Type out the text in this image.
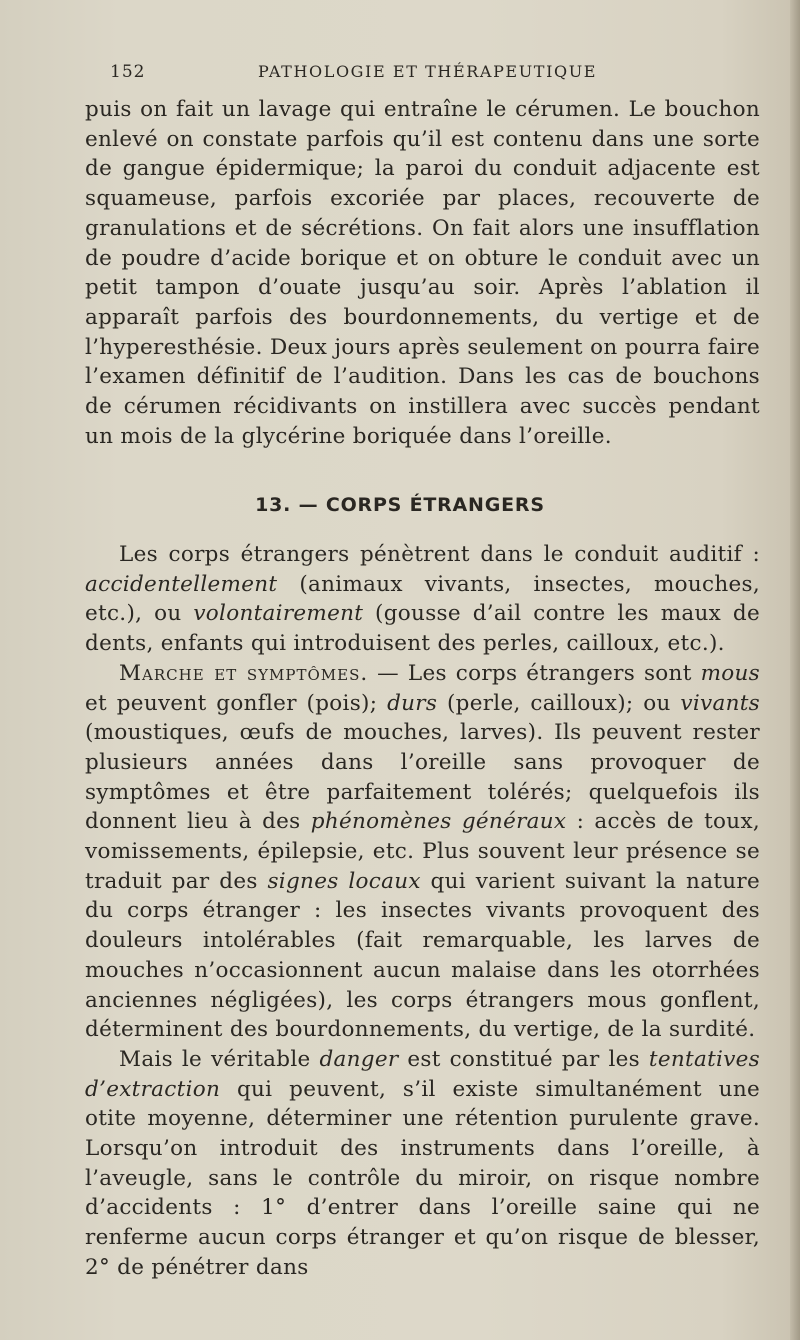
152	PATHOLOGIE ET THÉRAPEUTIQUE

puis on fait un lavage qui entraîne le cérumen. Le bouchon enlevé on constate parfois qu’il est contenu dans une sorte de gangue épidermique; la paroi du conduit adjacente est squameuse, parfois excoriée par places, recouverte de granulations et de sécrétions. On fait alors une insufflation de poudre d’acide borique et on obture le conduit avec un petit tampon d’ouate jusqu’au soir. Après l’ablation il apparaît parfois des bourdonnements, du vertige et de l’hyperesthésie. Deux jours après seulement on pourra faire l’examen définitif de l’audition. Dans les cas de bouchons de cérumen récidivants on instillera avec succès pendant un mois de la glycérine boriquée dans l’oreille.

13. — CORPS ÉTRANGERS

Les corps étrangers pénètrent dans le conduit auditif : accidentellement (animaux vivants, insectes, mouches, etc.), ou volontairement (gousse d’ail contre les maux de dents, enfants qui introduisent des perles, cailloux, etc.).

Marche et symptômes. — Les corps étrangers sont mous et peuvent gonfler (pois); durs (perle, cailloux); ou vivants (moustiques, œufs de mouches, larves). Ils peuvent rester plusieurs années dans l’oreille sans provoquer de symptômes et être parfaitement tolérés; quelquefois ils donnent lieu à des phénomènes généraux : accès de toux, vomissements, épilepsie, etc. Plus souvent leur présence se traduit par des signes locaux qui varient suivant la nature du corps étranger : les insectes vivants provoquent des douleurs intolérables (fait remarquable, les larves de mouches n’occasionnent aucun malaise dans les otorrhées anciennes négligées), les corps étrangers mous gonflent, déterminent des bourdonnements, du vertige, de la surdité.

Mais le véritable danger est constitué par les tentatives d’extraction qui peuvent, s’il existe simultanément une otite moyenne, déterminer une rétention purulente grave. Lorsqu’on introduit des instruments dans l’oreille, à l’aveugle, sans le contrôle du miroir, on risque nombre d’accidents : 1° d’entrer dans l’oreille saine qui ne renferme aucun corps étranger et qu’on risque de blesser, 2° de pénétrer dans
